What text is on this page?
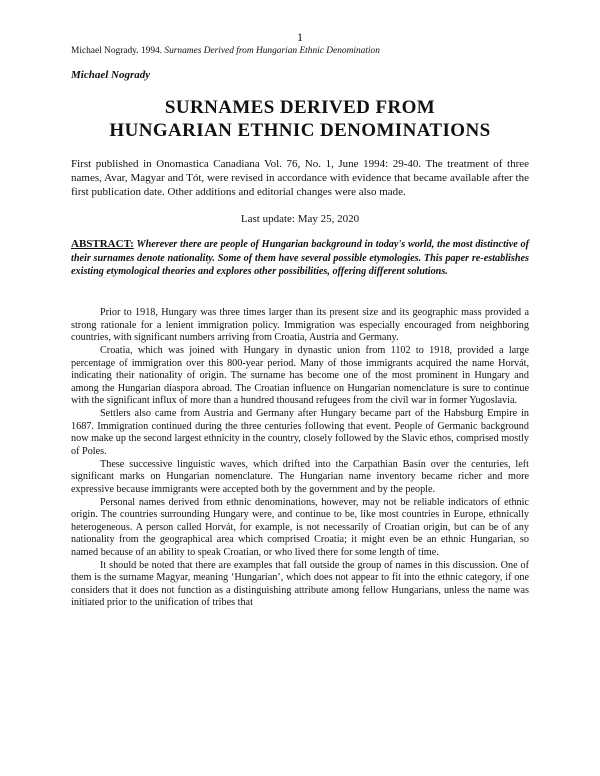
1
Michael Nogrady. 1994. Surnames Derived from Hungarian Ethnic Denomination
Michael Nogrady
SURNAMES DERIVED FROM
HUNGARIAN ETHNIC DENOMINATIONS
First published in Onomastica Canadiana Vol. 76, No. 1, June 1994: 29-40. The treatment of three names, Avar, Magyar and Tót, were revised in accordance with evidence that became available after the first publication date. Other additions and editorial changes were also made.
Last update: May 25, 2020
ABSTRACT: Wherever there are people of Hungarian background in today's world, the most distinctive of their surnames denote nationality. Some of them have several possible etymologies. This paper re-establishes existing etymological theories and explores other possibilities, offering different solutions.

Prior to 1918, Hungary was three times larger than its present size and its geographic mass provided a strong rationale for a lenient immigration policy. Immigration was especially encouraged from neighboring countries, with significant numbers arriving from Croatia, Austria and Germany.

Croatia, which was joined with Hungary in dynastic union from 1102 to 1918, provided a large percentage of immigration over this 800-year period. Many of those immigrants acquired the name Horvát, indicating their nationality of origin. The surname has become one of the most prominent in Hungary and among the Hungarian diaspora abroad. The Croatian influence on Hungarian nomenclature is sure to continue with the significant influx of more than a hundred thousand refugees from the civil war in former Yugoslavia.

Settlers also came from Austria and Germany after Hungary became part of the Habsburg Empire in 1687. Immigration continued during the three centuries following that event. People of Germanic background now make up the second largest ethnicity in the country, closely followed by the Slavic ethos, comprised mostly of Poles.

These successive linguistic waves, which drifted into the Carpathian Basin over the centuries, left significant marks on Hungarian nomenclature. The Hungarian name inventory became richer and more expressive because immigrants were accepted both by the government and by the people.

Personal names derived from ethnic denominations, however, may not be reliable indicators of ethnic origin. The countries surrounding Hungary were, and continue to be, like most countries in Europe, ethnically heterogeneous. A person called Horvát, for example, is not necessarily of Croatian origin, but can be of any nationality from the geographical area which comprised Croatia; it might even be an ethnic Hungarian, so named because of an ability to speak Croatian, or who lived there for some length of time.

It should be noted that there are examples that fall outside the group of names in this discussion. One of them is the surname Magyar, meaning ‘Hungarian’, which does not appear to fit into the ethnic category, if one considers that it does not function as a distinguishing attribute among fellow Hungarians, unless the name was initiated prior to the unification of tribes that
